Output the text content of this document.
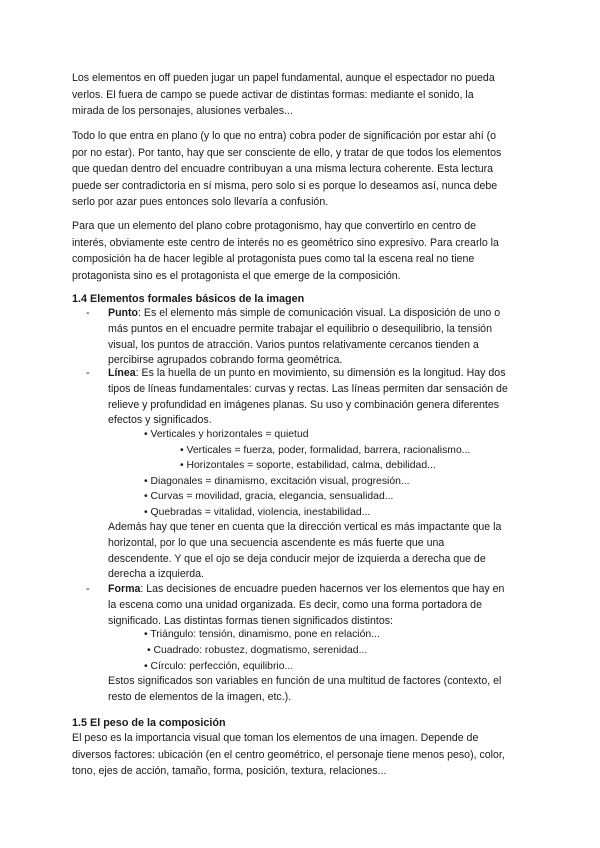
Los elementos en off pueden jugar un papel fundamental, aunque el espectador no pueda
verlos. El fuera de campo se puede activar de distintas formas: mediante el sonido, la
mirada de los personajes, alusiones verbales...

Todo lo que entra en plano (y lo que no entra) cobra poder de significación por estar ahí (o
por no estar). Por tanto, hay que ser consciente de ello, y tratar de que todos los elementos
que quedan dentro del encuadre contribuyan a una misma lectura coherente. Esta lectura
puede ser contradictoria en sí misma, pero solo si es porque lo deseamos así, nunca debe
serlo por azar pues entonces solo llevaría a confusión.

Para que un elemento del plano cobre protagonismo, hay que convertirlo en centro de
interés, obviamente este centro de interés no es geométrico sino expresivo. Para crearlo la
composición ha de hacer legible al protagonista pues como tal la escena real no tiene
protagonista sino es el protagonista el que emerge de la composición.

1.4 Elementos formales básicos de la imagen
- Punto: Es el elemento más simple de comunicación visual. La disposición de uno o
más puntos en el encuadre permite trabajar el equilibrio o desequilibrio, la tensión
visual, los puntos de atracción. Varios puntos relativamente cercanos tienden a
percibirse agrupados cobrando forma geométrica.
- Línea: Es la huella de un punto en movimiento, su dimensión es la longitud. Hay dos
tipos de líneas fundamentales: curvas y rectas. Las líneas permiten dar sensación de
relieve y profundidad en imágenes planas. Su uso y combinación genera diferentes
efectos y significados.
• Verticales y horizontales = quietud
• Verticales = fuerza, poder, formalidad, barrera, racionalismo...
• Horizontales = soporte, estabilidad, calma, debilidad...
• Diagonales = dinamismo, excitación visual, progresión...
• Curvas = movilidad, gracia, elegancia, sensualidad...
• Quebradas = vitalidad, violencia, inestabilidad...
Además hay que tener en cuenta que la dirección vertical es más impactante que la
horizontal, por lo que una secuencia ascendente es más fuerte que una
descendente. Y que el ojo se deja conducir mejor de izquierda a derecha que de
derecha a izquierda.
- Forma: Las decisiones de encuadre pueden hacernos ver los elementos que hay en
la escena como una unidad organizada. Es decir, como una forma portadora de
significado. Las distintas formas tienen significados distintos:
• Triángulo: tensión, dinamismo, pone en relación...
• Cuadrado: robustez, dogmatismo, serenidad...
• Círculo: perfección, equilibrio...
Estos significados son variables en función de una multitud de factores (contexto, el
resto de elementos de la imagen, etc.).
1.5 El peso de la composición

El peso es la importancia visual que toman los elementos de una imagen. Depende de
diversos factores: ubicación (en el centro geométrico, el personaje tiene menos peso), color,
tono, ejes de acción, tamaño, forma, posición, textura, relaciones...
